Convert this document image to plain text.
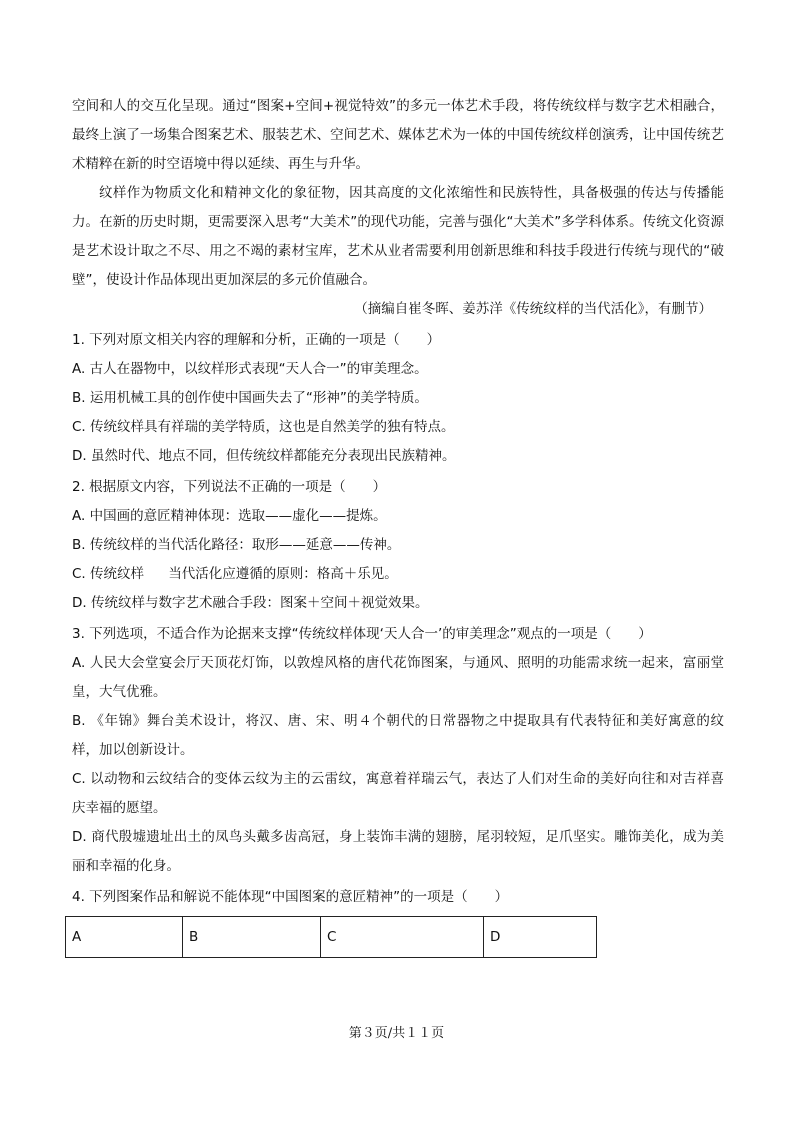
空间和人的交互化呈现。通过“图案+空间+视觉特效”的多元一体艺术手段，将传统纹样与数字艺术相融合，最终上演了一场集合图案艺术、服装艺术、空间艺术、媒体艺术为一体的中国传统纹样创演秀，让中国传统艺术精粹在新的时空语境中得以延续、再生与升华。

纹样作为物质文化和精神文化的象征物，因其高度的文化浓缩性和民族特性，具备极强的传达与传播能力。在新的历史时期，更需要深入思考“大美术”的现代功能，完善与强化“大美术”多学科体系。传统文化资源是艺术设计取之不尽、用之不竭的素材宝库，艺术从业者需要利用创新思维和科技手段进行传统与现代的“破壁”，使设计作品体现出更加深层的多元价值融合。

（摘编自崔冬晖、姜苏洋《传统纹样的当代活化》，有删节）

1. 下列对原文相关内容的理解和分析，正确的一项是（　　）

A. 古人在器物中，以纹样形式表现“天人合一”的审美理念。

B. 运用机械工具的创作使中国画失去了“形神”的美学特质。

C. 传统纹样具有祥瑞的美学特质，这也是自然美学的独有特点。

D. 虽然时代、地点不同，但传统纹样都能充分表现出民族精神。

2. 根据原文内容，下列说法不正确的一项是（　　）

A. 中国画的意匠精神体现：选取——虚化——提炼。

B. 传统纹样的当代活化路径：取形——延意——传神。

C. 传统纹样 当代活化应遵循的原则：格高＋乐见。

D. 传统纹样与数字艺术融合手段：图案＋空间＋视觉效果。

3. 下列选项，不适合作为论据来支撑“传统纹样体现‘天人合一’的审美理念”观点的一项是（　　）

A. 人民大会堂宴会厅天顶花灯饰，以敦煌风格的唐代花饰图案，与通风、照明的功能需求统一起来，富丽堂皇，大气优雅。

B. 《年锦》舞台美术设计，将汉、唐、宋、明４个朝代的日常器物之中提取具有代表特征和美好寓意的纹样，加以创新设计。

C. 以动物和云纹结合的变体云纹为主的云雷纹，寓意着祥瑞云气，表达了人们对生命的美好向往和对吉祥喜庆幸福的愿望。

D. 商代殷墟遗址出土的凤鸟头戴多齿高冠，身上装饰丰满的翅膀，尾羽较短，足爪坚实。雕饰美化，成为美丽和幸福的化身。

4. 下列图案作品和解说不能体现“中国图案的意匠精神”的一项是（　　）

A	B	C	D
第３页/共１１页
